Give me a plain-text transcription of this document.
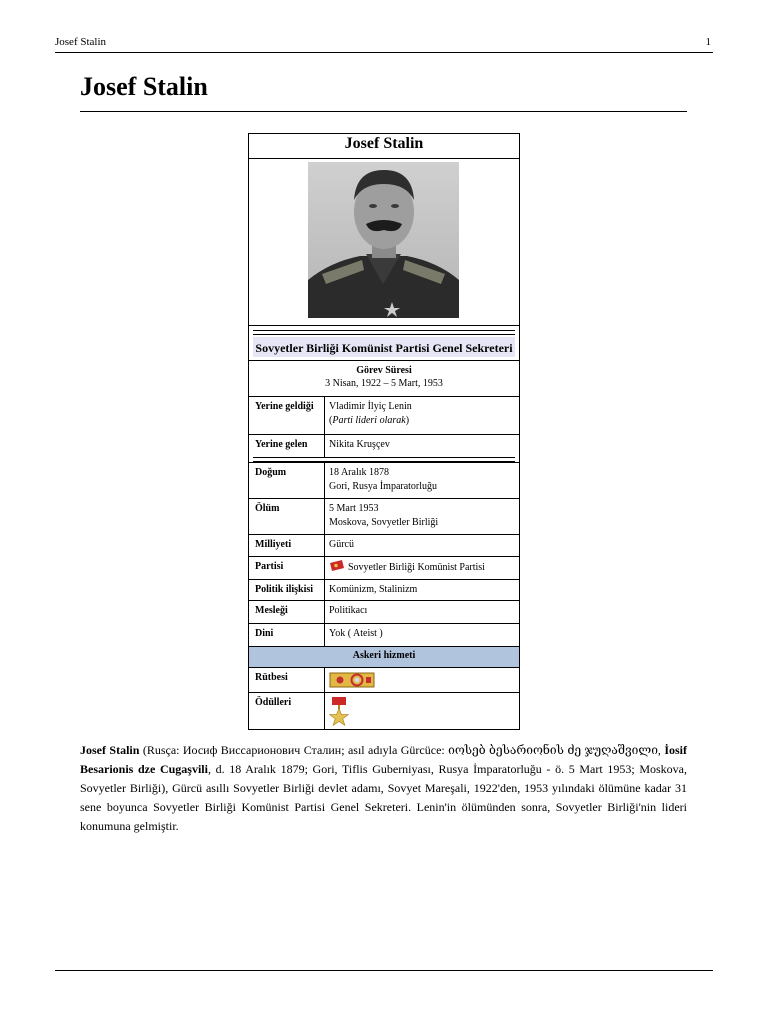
Josef Stalin	1
Josef Stalin
Josef Stalin
Sovyetler Birliği Komünist Partisi Genel Sekreteri
Görev Süresi
3 Nisan, 1922 – 5 Mart, 1953
Yerine geldiği	Vladimir İlyiç Lenin
(Parti lideri olarak)
Yerine gelen	Nikita Kruşçev
Doğum	18 Aralık 1878
Gori, Rusya İmparatorluğu
Ölüm	5 Mart 1953
Moskova, Sovyetler Birliği
Milliyeti	Gürcü
Partisi	Sovyetler Birliği Komünist Partisi
Politik ilişkisi	Komünizm, Stalinizm
Mesleği	Politikacı
Dini	Yok ( Ateist )
Askeri hizmeti
Rütbesi
Ödülleri

Josef Stalin (Rusça: Иосиф Виссарионович Сталин; asıl adıyla Gürcüce: იოსებ ბესარიონის ძე ჯუღაშვილი, İosif Besarionis dze Cugaşvili, d. 18 Aralık 1879; Gori, Tiflis Guberniyası, Rusya İmparatorluğu - ö. 5 Mart 1953; Moskova, Sovyetler Birliği), Gürcü asıllı Sovyetler Birliği devlet adamı, Sovyet Mareşali, 1922'den, 1953 yılındaki ölümüne kadar 31 sene boyunca Sovyetler Birliği Komünist Partisi Genel Sekreteri. Lenin'in ölümünden sonra, Sovyetler Birliği'nin lideri konumuna gelmiştir.
